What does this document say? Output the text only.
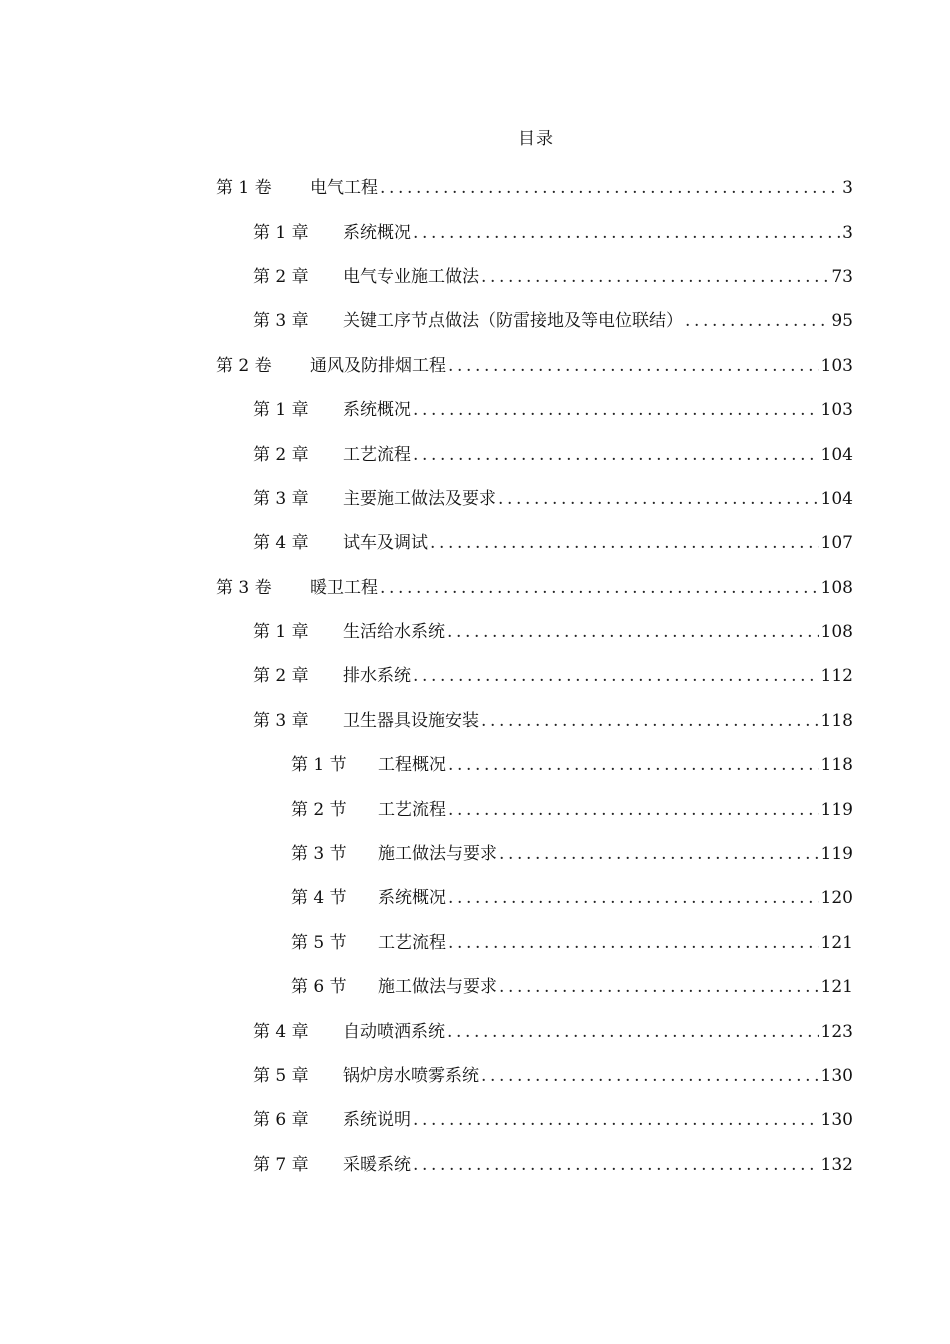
目录
第 1 卷	电气工程 .....	3
第 1 章	系统概况 .....	3
第 2 章	电气专业施工做法 .....	73
第 3 章	关键工序节点做法（防雷接地及等电位联结） .....	95
第 2 卷	通风及防排烟工程 .....	103
第 1 章	系统概况 .....	103
第 2 章	工艺流程 .....	104
第 3 章	主要施工做法及要求 .....	104
第 4 章	试车及调试 .....	107
第 3 卷	暖卫工程 .....	108
第 1 章	生活给水系统 .....	108
第 2 章	排水系统 .....	112
第 3 章	卫生器具设施安装 .....	118
第 1 节	工程概况 .....	118
第 2 节	工艺流程 .....	119
第 3 节	施工做法与要求 .....	119
第 4 节	系统概况 .....	120
第 5 节	工艺流程 .....	121
第 6 节	施工做法与要求 .....	121
第 4 章	自动喷洒系统 .....	123
第 5 章	锅炉房水喷雾系统 .....	130
第 6 章	系统说明 .....	130
第 7 章	采暖系统 .....	132
